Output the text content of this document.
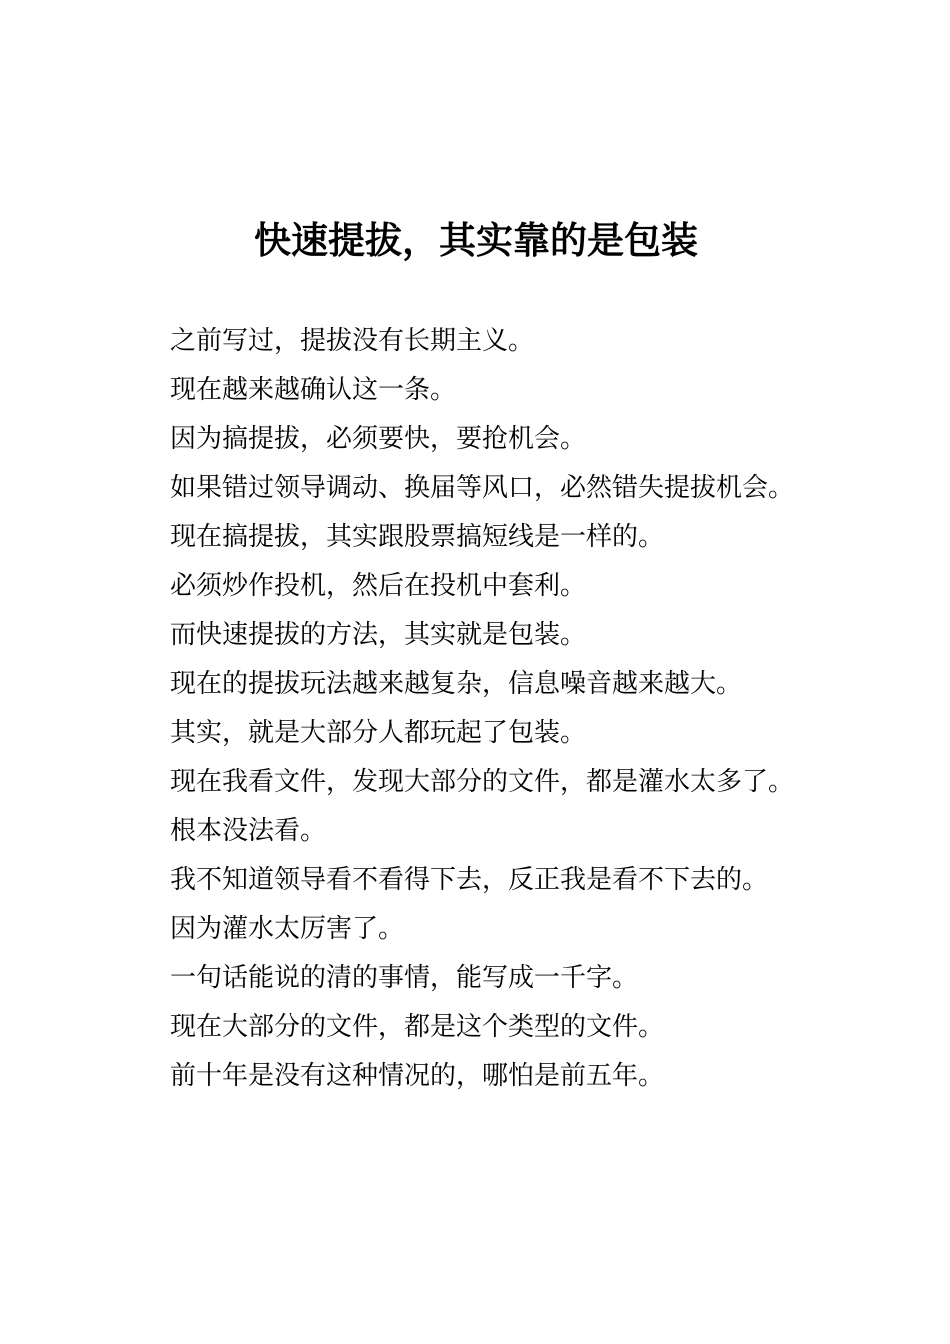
快速提拔，其实靠的是包装

之前写过，提拔没有长期主义。

现在越来越确认这一条。

因为搞提拔，必须要快，要抢机会。

如果错过领导调动、换届等风口，必然错失提拔机会。

现在搞提拔，其实跟股票搞短线是一样的。

必须炒作投机，然后在投机中套利。

而快速提拔的方法，其实就是包装。

现在的提拔玩法越来越复杂，信息噪音越来越大。

其实，就是大部分人都玩起了包装。

现在我看文件，发现大部分的文件，都是灌水太多了。

根本没法看。

我不知道领导看不看得下去，反正我是看不下去的。

因为灌水太厉害了。

一句话能说的清的事情，能写成一千字。

现在大部分的文件，都是这个类型的文件。

前十年是没有这种情况的，哪怕是前五年。
